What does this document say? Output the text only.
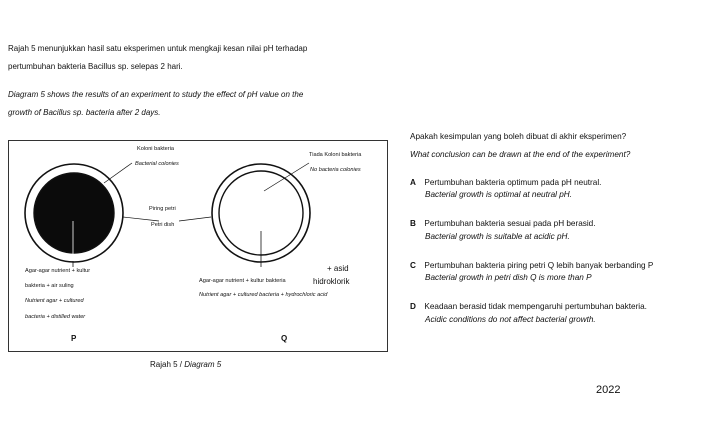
Rajah 5 menunjukkan hasil satu eksperimen untuk mengkaji kesan nilai pH terhadap
pertumbuhan bakteria Bacillus sp. selepas 2 hari.
Diagram 5 shows the results of an experiment to study the effect of pH value on the
growth of Bacillus sp. bacteria after 2 days.
Koloni bakteria
Bacterial colonies
Tiada Koloni bakteria
No bacteria colonies
Piring petri
Petri dish
Agar-agar nutrient + kultur
bakteria + air suling
Nutrient agar + cultured
bacteria + distilled water
P
Agar-agar nutrient + kultur bakteria
+ asid
hidroklorik
Nutrient agar + cultured bacteria + hydrochloric acid
Q
Rajah 5 / Diagram 5
Apakah kesimpulan yang boleh dibuat di akhir eksperimen?
What conclusion can be drawn at the end of the experiment?
A Pertumbuhan bakteria optimum pada pH neutral.
Bacterial growth is optimal at neutral pH.
B Pertumbuhan bakteria sesuai pada pH berasid.
Bacterial growth is suitable at acidic pH.
C Pertumbuhan bakteria piring petri Q lebih banyak berbanding P
Bacterial growth in petri dish Q is more than P
D Keadaan berasid tidak mempengaruhi pertumbuhan bakteria.
Acidic conditions do not affect bacterial growth.
2022
